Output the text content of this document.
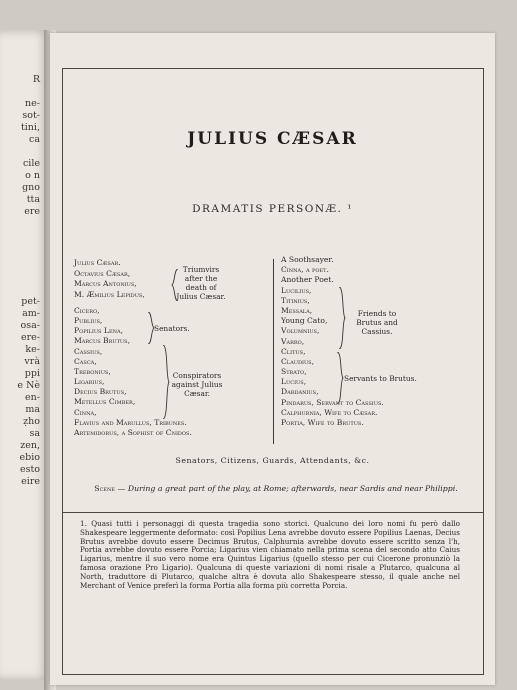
R
ne-
sot-
tini,
ca
cile
o n
gno
tta
ere
pet-
am-
osa-
ere-
ke-
vrà
ppi
e Nè
en-
ma
ẓho
sa
zen,
ebio
esto
eire
JULIUS CÆSAR
DRAMATIS PERSONÆ. ¹
Julius Cæsar.
Octavius Cæsar,
Marcus Antonius,
M. Æmilius Lepidus,
Cicero,
Publius,
Popilius Lena,
Marcus Brutus,
Cassius,
Casca,
Trebonius,
Ligarius,
Decius Brutus,
Metellus Cimber,
Cinna,
Flavius and Marullus, Tribunes.
Artemidorus, a Sophist of Cnidos.
Triumvirs after the death of Julius Cæsar.
Senators.
Conspirators against Julius Cæsar.
A Soothsayer.
Cinna, a poet.
Another Poet.
Lucilius,
Titinius,
Messala,
Young Cato,
Volumnius,
Varro,
Clitus,
Claudius,
Strato,
Lucius,
Dardanius,
Pindarus, Servant to Cassius.
Calphurnia, Wife to Cæsar.
Portia, Wife to Brutus.
Friends to Brutus and Cassius.
Servants to Brutus.
Senators, Citizens, Guards, Attendants, &c.
Scene — During a great part of the play, at Rome; afterwards, near Sardis and near Philippi.
1. Quasi tutti i personaggi di questa tragedia sono storici. Qualcuno dei loro nomi fu però dallo Shakespeare leggermente deformato: così Popilius Lena avrebbe dovuto essere Popilius Laenas, Decius Brutus avrebbe dovuto essere Decimus Brutus, Calphurnia avrebbe dovuto essere scritto senza l'h, Portia avrebbe dovuto essere Porcia; Ligarius vien chiamato nella prima scena del secondo atto Caius Ligarius, mentre il suo vero nome era Quintus Ligarius (quello stesso per cui Cicerone pronunziò la famosa orazione Pro Ligario). Qualcuna di queste variazioni di nomi risale a Plutarco, qualcuna al North, traduttore di Plutarco, qualche altra è dovuta allo Shakespeare stesso, il quale anche nel Merchant of Venice preferì la forma Portia alla forma più corretta Porcia.
